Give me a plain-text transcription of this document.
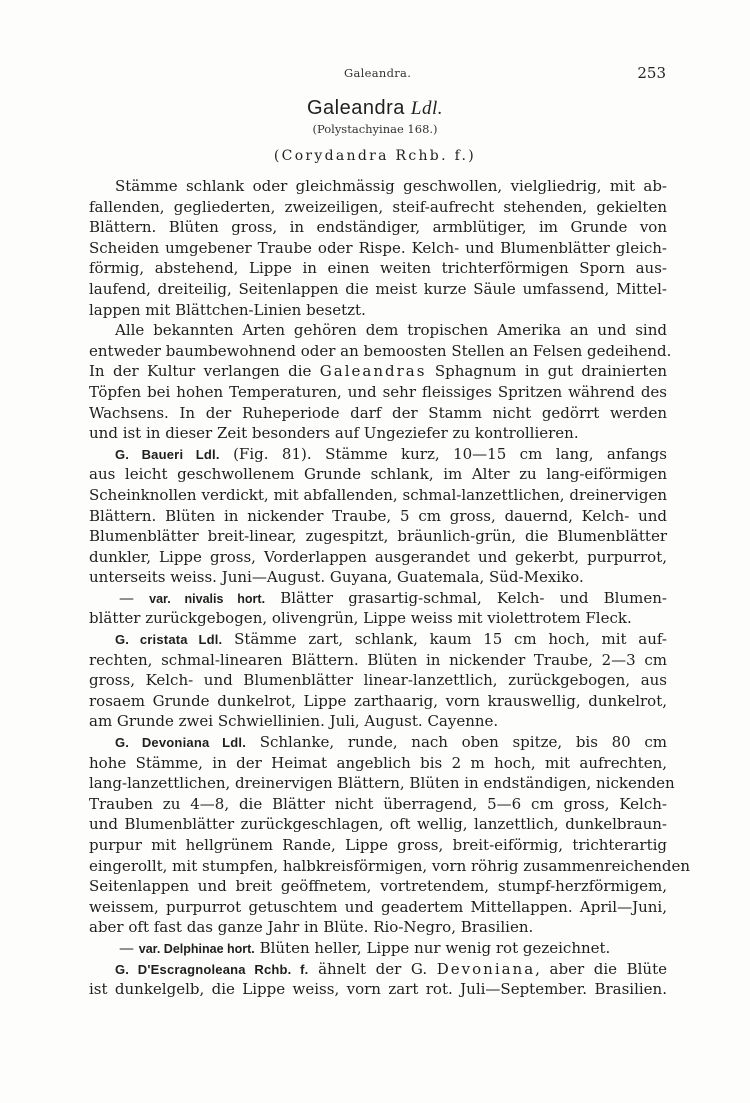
Galeandra.	253
Galeandra Ldl.
(Polystachyinae 168.)
(Corydandra Rchb. f.)
Stämme schlank oder gleichmässig geschwollen, vielgliedrig, mit ab-
fallenden, gegliederten, zweizeiligen, steif-aufrecht stehenden, gekielten
Blättern. Blüten gross, in endständiger, armblütiger, im Grunde von
Scheiden umgebener Traube oder Rispe. Kelch- und Blumenblätter gleich-
förmig, abstehend, Lippe in einen weiten trichterförmigen Sporn aus-
laufend, dreiteilig, Seitenlappen die meist kurze Säule umfassend, Mittel-
lappen mit Blättchen-Linien besetzt.
Alle bekannten Arten gehören dem tropischen Amerika an und sind
entweder baumbewohnend oder an bemoosten Stellen an Felsen gedeihend.
In der Kultur verlangen die Galeandras Sphagnum in gut drainierten
Töpfen bei hohen Temperaturen, und sehr fleissiges Spritzen während des
Wachsens. In der Ruheperiode darf der Stamm nicht gedörrt werden
und ist in dieser Zeit besonders auf Ungeziefer zu kontrollieren.
G. Baueri Ldl. (Fig. 81). Stämme kurz, 10—15 cm lang, anfangs
aus leicht geschwollenem Grunde schlank, im Alter zu lang-eiförmigen
Scheinknollen verdickt, mit abfallenden, schmal-lanzettlichen, dreinervigen
Blättern. Blüten in nickender Traube, 5 cm gross, dauernd, Kelch- und
Blumenblätter breit-linear, zugespitzt, bräunlich-grün, die Blumenblätter
dunkler, Lippe gross, Vorderlappen ausgerandet und gekerbt, purpurrot,
unterseits weiss. Juni—August. Guyana, Guatemala, Süd-Mexiko.
— var. nivalis hort. Blätter grasartig-schmal, Kelch- und Blumen-
blätter zurückgebogen, olivengrün, Lippe weiss mit violettrotem Fleck.
G. cristata Ldl. Stämme zart, schlank, kaum 15 cm hoch, mit auf-
rechten, schmal-linearen Blättern. Blüten in nickender Traube, 2—3 cm
gross, Kelch- und Blumenblätter linear-lanzettlich, zurückgebogen, aus
rosaem Grunde dunkelrot, Lippe zarthaarig, vorn krauswellig, dunkelrot,
am Grunde zwei Schwiellinien. Juli, August. Cayenne.
G. Devoniana Ldl. Schlanke, runde, nach oben spitze, bis 80 cm
hohe Stämme, in der Heimat angeblich bis 2 m hoch, mit aufrechten,
lang-lanzettlichen, dreinervigen Blättern, Blüten in endständigen, nickenden
Trauben zu 4—8, die Blätter nicht überragend, 5—6 cm gross, Kelch-
und Blumenblätter zurückgeschlagen, oft wellig, lanzettlich, dunkelbraun-
purpur mit hellgrünem Rande, Lippe gross, breit-eiförmig, trichterartig
eingerollt, mit stumpfen, halbkreisförmigen, vorn röhrig zusammenreichenden
Seitenlappen und breit geöffnetem, vortretendem, stumpf-herzförmigem,
weissem, purpurrot getuschtem und geadertem Mittellappen. April—Juni,
aber oft fast das ganze Jahr in Blüte. Rio-Negro, Brasilien.
— var. Delphinae hort. Blüten heller, Lippe nur wenig rot gezeichnet.
G. D'Escragnoleana Rchb. f. ähnelt der G. Devoniana, aber die Blüte
ist dunkelgelb, die Lippe weiss, vorn zart rot. Juli—September. Brasilien.
